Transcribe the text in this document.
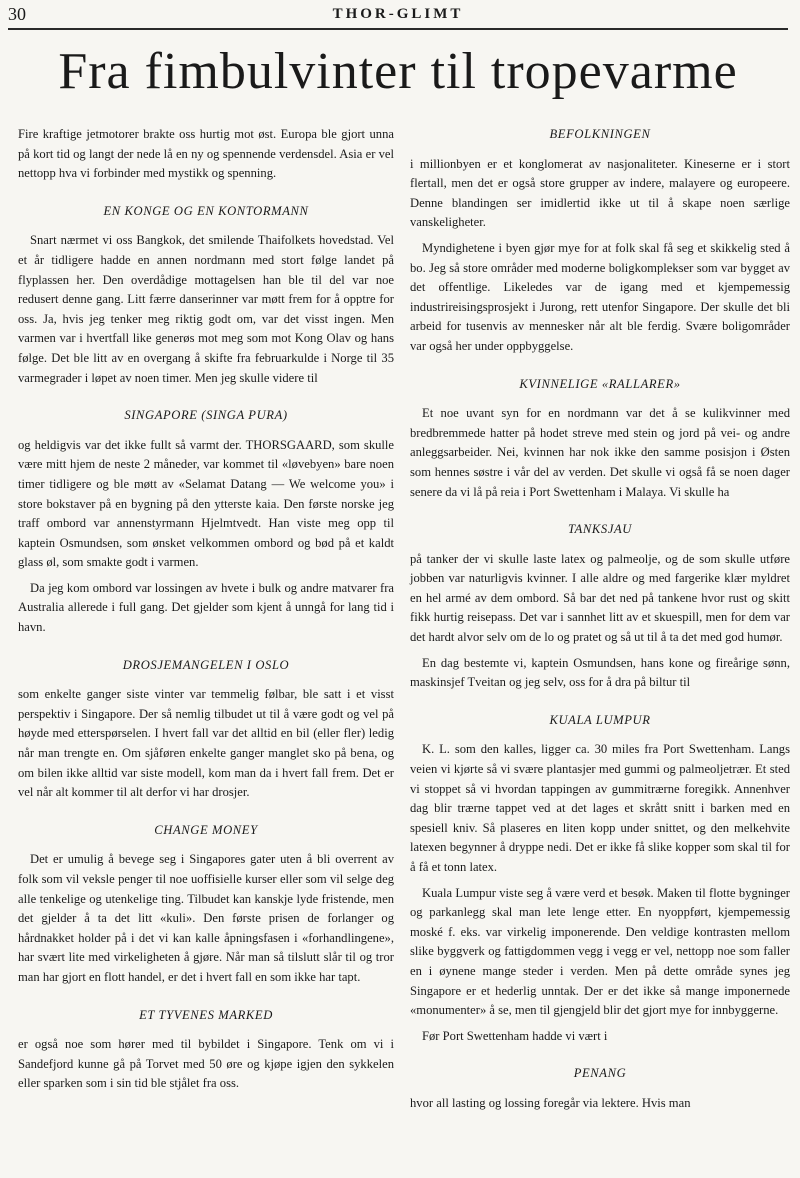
30	THOR-GLIMT
Fra fimbulvinter til tropevarme

Fire kraftige jetmotorer brakte oss hurtig mot øst. Europa ble gjort unna på kort tid og langt der nede lå en ny og spennende verdensdel. Asia er vel nettopp hva vi forbinder med mystikk og spenning.

EN KONGE OG EN KONTORMANN

Snart nærmet vi oss Bangkok, det smilende Thaifolkets hovedstad. Vel et år tidligere hadde en annen nordmann med stort følge landet på flyplassen her. Den overdådige mottagelsen han ble til del var noe redusert denne gang. Litt færre danserinner var møtt frem for å opptre for oss. Ja, hvis jeg tenker meg riktig godt om, var det visst ingen. Men varmen var i hvertfall like generøs mot meg som mot Kong Olav og hans følge. Det ble litt av en overgang å skifte fra februarkulde i Norge til 35 varmegrader i løpet av noen timer. Men jeg skulle videre til

SINGAPORE (SINGA PURA)

og heldigvis var det ikke fullt så varmt der. THORSGAARD, som skulle være mitt hjem de neste 2 måneder, var kommet til «løvebyen» bare noen timer tidligere og ble møtt av «Selamat Datang — We welcome you» i store bokstaver på en bygning på den ytterste kaia. Den første norske jeg traff ombord var annenstyrmann Hjelmtvedt. Han viste meg opp til kaptein Osmundsen, som ønsket velkommen ombord og bød på et kaldt glass øl, som smakte godt i varmen.

Da jeg kom ombord var lossingen av hvete i bulk og andre matvarer fra Australia allerede i full gang. Det gjelder som kjent å unngå for lang tid i havn.

DROSJEMANGELEN I OSLO

som enkelte ganger siste vinter var temmelig følbar, ble satt i et visst perspektiv i Singapore. Der så nemlig tilbudet ut til å være godt og vel på høyde med etterspørselen. I hvert fall var det alltid en bil (eller fler) ledig når man trengte en. Om sjåføren enkelte ganger manglet sko på bena, og om bilen ikke alltid var siste modell, kom man da i hvert fall frem. Det er vel når alt kommer til alt derfor vi har drosjer.

CHANGE MONEY

Det er umulig å bevege seg i Singapores gater uten å bli overrent av folk som vil veksle penger til noe uoffisielle kurser eller som vil selge deg alle tenkelige og utenkelige ting. Tilbudet kan kanskje lyde fristende, men det gjelder å ta det litt «kuli». Den første prisen de forlanger og hårdnakket holder på i det vi kan kalle åpningsfasen i «forhandlingene», har svært lite med virkeligheten å gjøre. Når man så tilslutt slår til og tror man har gjort en flott handel, er det i hvert fall en som ikke har tapt.

ET TYVENES MARKED

er også noe som hører med til bybildet i Singapore. Tenk om vi i Sandefjord kunne gå på Torvet med 50 øre og kjøpe igjen den sykkelen eller sparken som i sin tid ble stjålet fra oss.

BEFOLKNINGEN

i millionbyen er et konglomerat av nasjonaliteter. Kineserne er i stort flertall, men det er også store grupper av indere, malayere og europeere. Denne blandingen ser imidlertid ikke ut til å skape noen særlige vanskeligheter.

Myndighetene i byen gjør mye for at folk skal få seg et skikkelig sted å bo. Jeg så store områder med moderne boligkomplekser som var bygget av det offentlige. Likeledes var de igang med et kjempemessig industrireisingsprosjekt i Jurong, rett utenfor Singapore. Der skulle det bli arbeid for tusenvis av mennesker når alt ble ferdig. Svære boligområder var også her under oppbyggelse.

KVINNELIGE «RALLARER»

Et noe uvant syn for en nordmann var det å se kulikvinner med bredbremmede hatter på hodet streve med stein og jord på vei- og andre anleggsarbeider. Nei, kvinnen har nok ikke den samme posisjon i Østen som hennes søstre i vår del av verden. Det skulle vi også få se noen dager senere da vi lå på reia i Port Swettenham i Malaya. Vi skulle ha

TANKSJAU

på tanker der vi skulle laste latex og palmeolje, og de som skulle utføre jobben var naturligvis kvinner. I alle aldre og med fargerike klær myldret en hel armé av dem ombord. Så bar det ned på tankene hvor rust og skitt fikk hurtig reisepass. Det var i sannhet litt av et skuespill, men for dem var det hardt alvor selv om de lo og pratet og så ut til å ta det med god humør.

En dag bestemte vi, kaptein Osmundsen, hans kone og fireårige sønn, maskinsjef Tveitan og jeg selv, oss for å dra på biltur til

KUALA LUMPUR

K. L. som den kalles, ligger ca. 30 miles fra Port Swettenham. Langs veien vi kjørte så vi svære plantasjer med gummi og palmeoljetrær. Et sted vi stoppet så vi hvordan tappingen av gummitrærne foregikk. Annenhver dag blir trærne tappet ved at det lages et skrått snitt i barken med en spesiell kniv. Så plaseres en liten kopp under snittet, og den melkehvite latexen begynner å dryppe nedi. Det er ikke få slike kopper som skal til for å få et tonn latex.

Kuala Lumpur viste seg å være verd et besøk. Maken til flotte bygninger og parkanlegg skal man lete lenge etter. En nyoppført, kjempemessig moské f. eks. var virkelig imponerende. Den veldige kontrasten mellom slike byggverk og fattigdommen vegg i vegg er vel, nettopp noe som faller en i øynene mange steder i verden. Men på dette område synes jeg Singapore er et hederlig unntak. Der er det ikke så mange imponernede «monumenter» å se, men til gjengjeld blir det gjort mye for innbyggerne.

Før Port Swettenham hadde vi vært i

PENANG

hvor all lasting og lossing foregår via lektere. Hvis man
